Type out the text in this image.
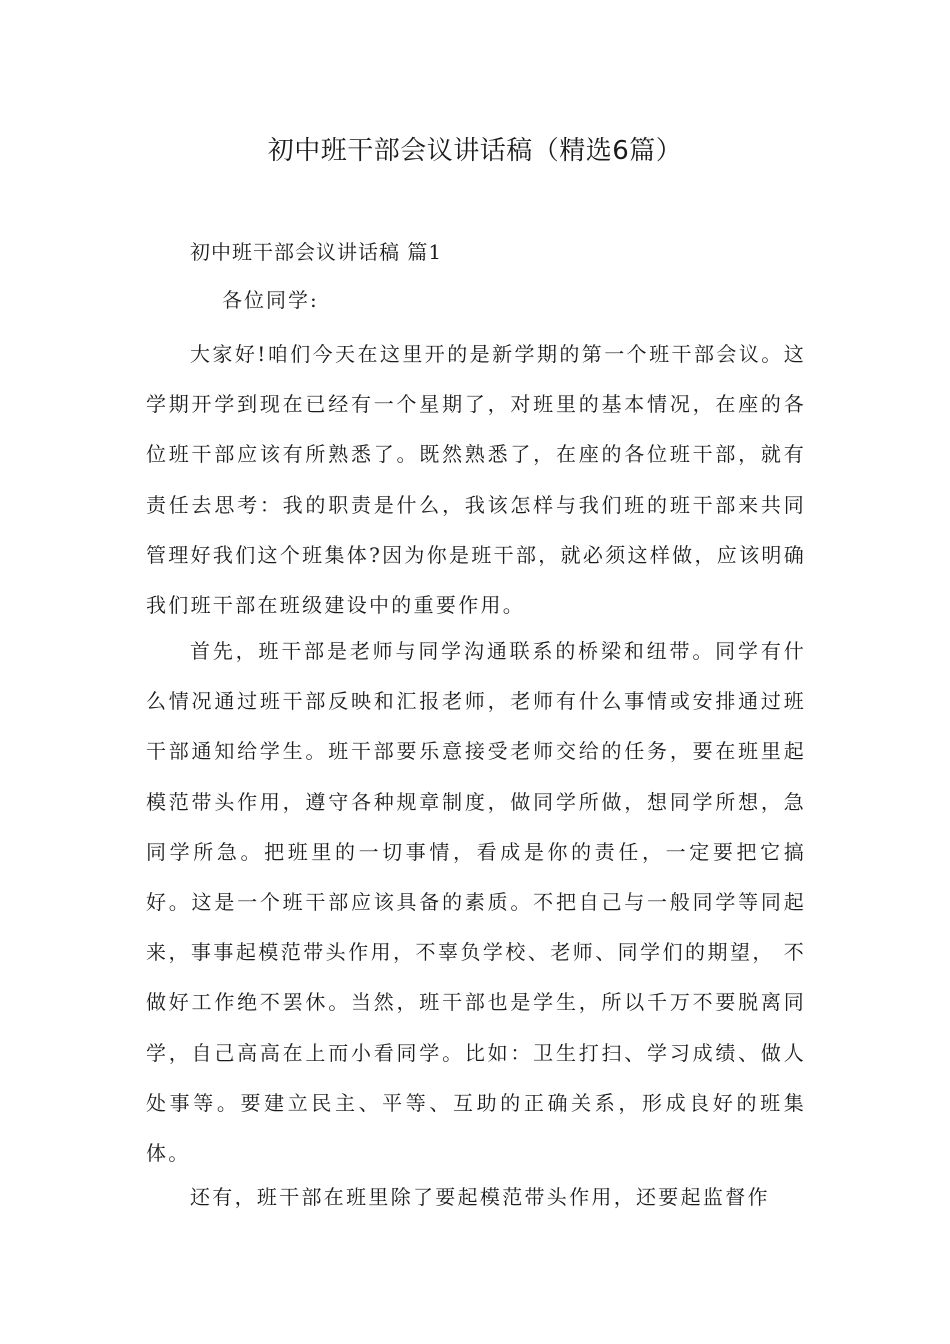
初中班干部会议讲话稿（精选6篇）
初中班干部会议讲话稿 篇1

各位同学:

大家好!咱们今天在这里开的是新学期的第一个班干部会议。这学期开学到现在已经有一个星期了，对班里的基本情况，在座的各位班干部应该有所熟悉了。既然熟悉了，在座的各位班干部，就有责任去思考：我的职责是什么，我该怎样与我们班的班干部来共同管理好我们这个班集体?因为你是班干部，就必须这样做，应该明确我们班干部在班级建设中的重要作用。

首先，班干部是老师与同学沟通联系的桥梁和纽带。同学有什么情况通过班干部反映和汇报老师，老师有什么事情或安排通过班干部通知给学生。班干部要乐意接受老师交给的任务，要在班里起模范带头作用，遵守各种规章制度，做同学所做，想同学所想，急同学所急。把班里的一切事情，看成是你的责任，一定要把它搞好。这是一个班干部应该具备的素质。不把自己与一般同学等同起来，事事起模范带头作用，不辜负学校、老师、同学们的期望， 不做好工作绝不罢休。当然，班干部也是学生，所以千万不要脱离同学，自己高高在上而小看同学。比如：卫生打扫、学习成绩、做人处事等。要建立民主、平等、互助的正确关系，形成良好的班集体。

还有，班干部在班里除了要起模范带头作用，还要起监督作
